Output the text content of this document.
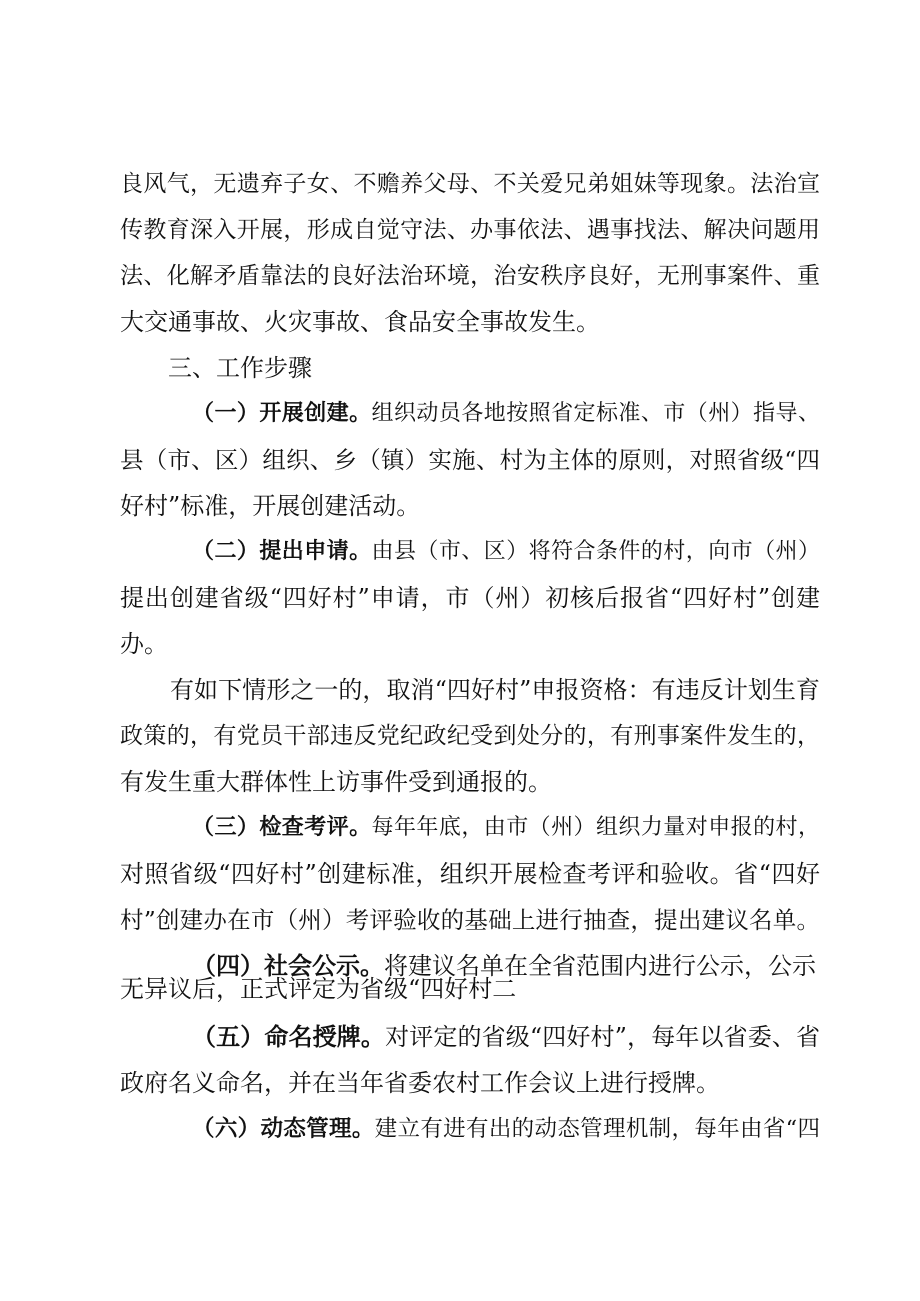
良风气，无遗弃子女、不赡养父母、不关爱兄弟姐妹等现象。法治宣
传教育深入开展，形成自觉守法、办事依法、遇事找法、解决问题用
法、化解矛盾靠法的良好法治环境，治安秩序良好，无刑事案件、重
大交通事故、火灾事故、食品安全事故发生。
三、工作步骤
（一）开展创建。组织动员各地按照省定标准、市（州）指导、
县（市、区）组织、乡（镇）实施、村为主体的原则，对照省级“四
好村”标准，开展创建活动。
（二）提出申请。由县（市、区）将符合条件的村，向市（州）
提出创建省级“四好村”申请，市（州）初核后报省“四好村”创建
办。
有如下情形之一的，取消“四好村”申报资格：有违反计划生育
政策的，有党员干部违反党纪政纪受到处分的，有刑事案件发生的，
有发生重大群体性上访事件受到通报的。
（三）检查考评。每年年底，由市（州）组织力量对申报的村，
对照省级“四好村”创建标准，组织开展检查考评和验收。省“四好
村”创建办在市（州）考评验收的基础上进行抽查，提出建议名单。
（四）社会公示。将建议名单在全省范围内进行公示，公示
无异议后，正式评定为省级“四好村二
（五）命名授牌。对评定的省级“四好村”，每年以省委、省
政府名义命名，并在当年省委农村工作会议上进行授牌。
（六）动态管理。建立有进有出的动态管理机制，每年由省“四
